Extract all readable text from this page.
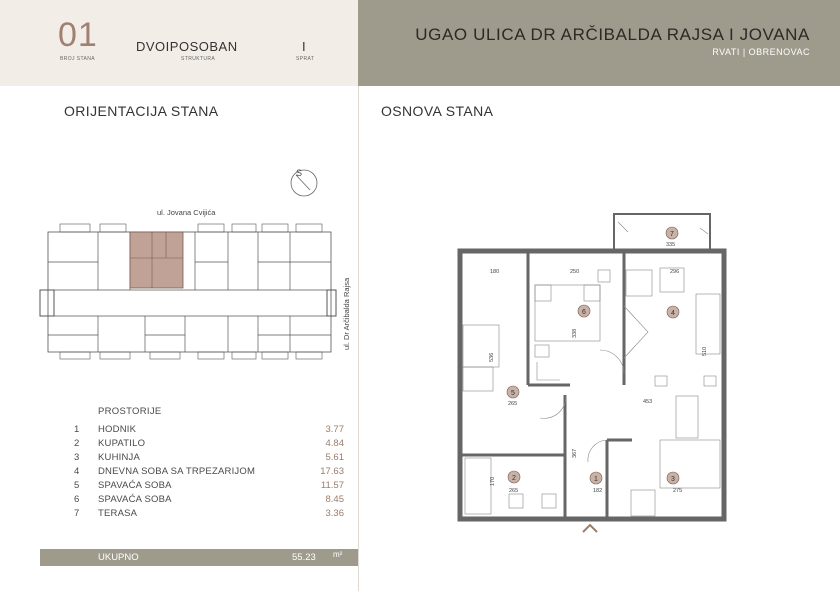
01
BROJ STANA
DVOIPOSOBAN
STRUKTURA
I
SPRAT
UGAO ULICA DR ARČIBALDA RAJSA I JOVANA
RVATI | OBRENOVAC
ORIJENTACIJA STANA	OSNOVA STANA
S
ul. Jovana Cvijića
ul. Dr Arčibalda Rajsa
1
2	3
4
5
6
7
335
180	250	296
338
536
510
265	453
367
170
265	182	275
PROSTORIJE
1 HODNIK	3.77
2 KUPATILO	4.84
3 KUHINJA	5.61
4 DNEVNA SOBA SA TRPEZARIJOM	17.63
5 SPAVAĆA SOBA	11.57
6 SPAVAĆA SOBA	8.45
7 TERASA	3.36
UKUPNO	55.23 m²
